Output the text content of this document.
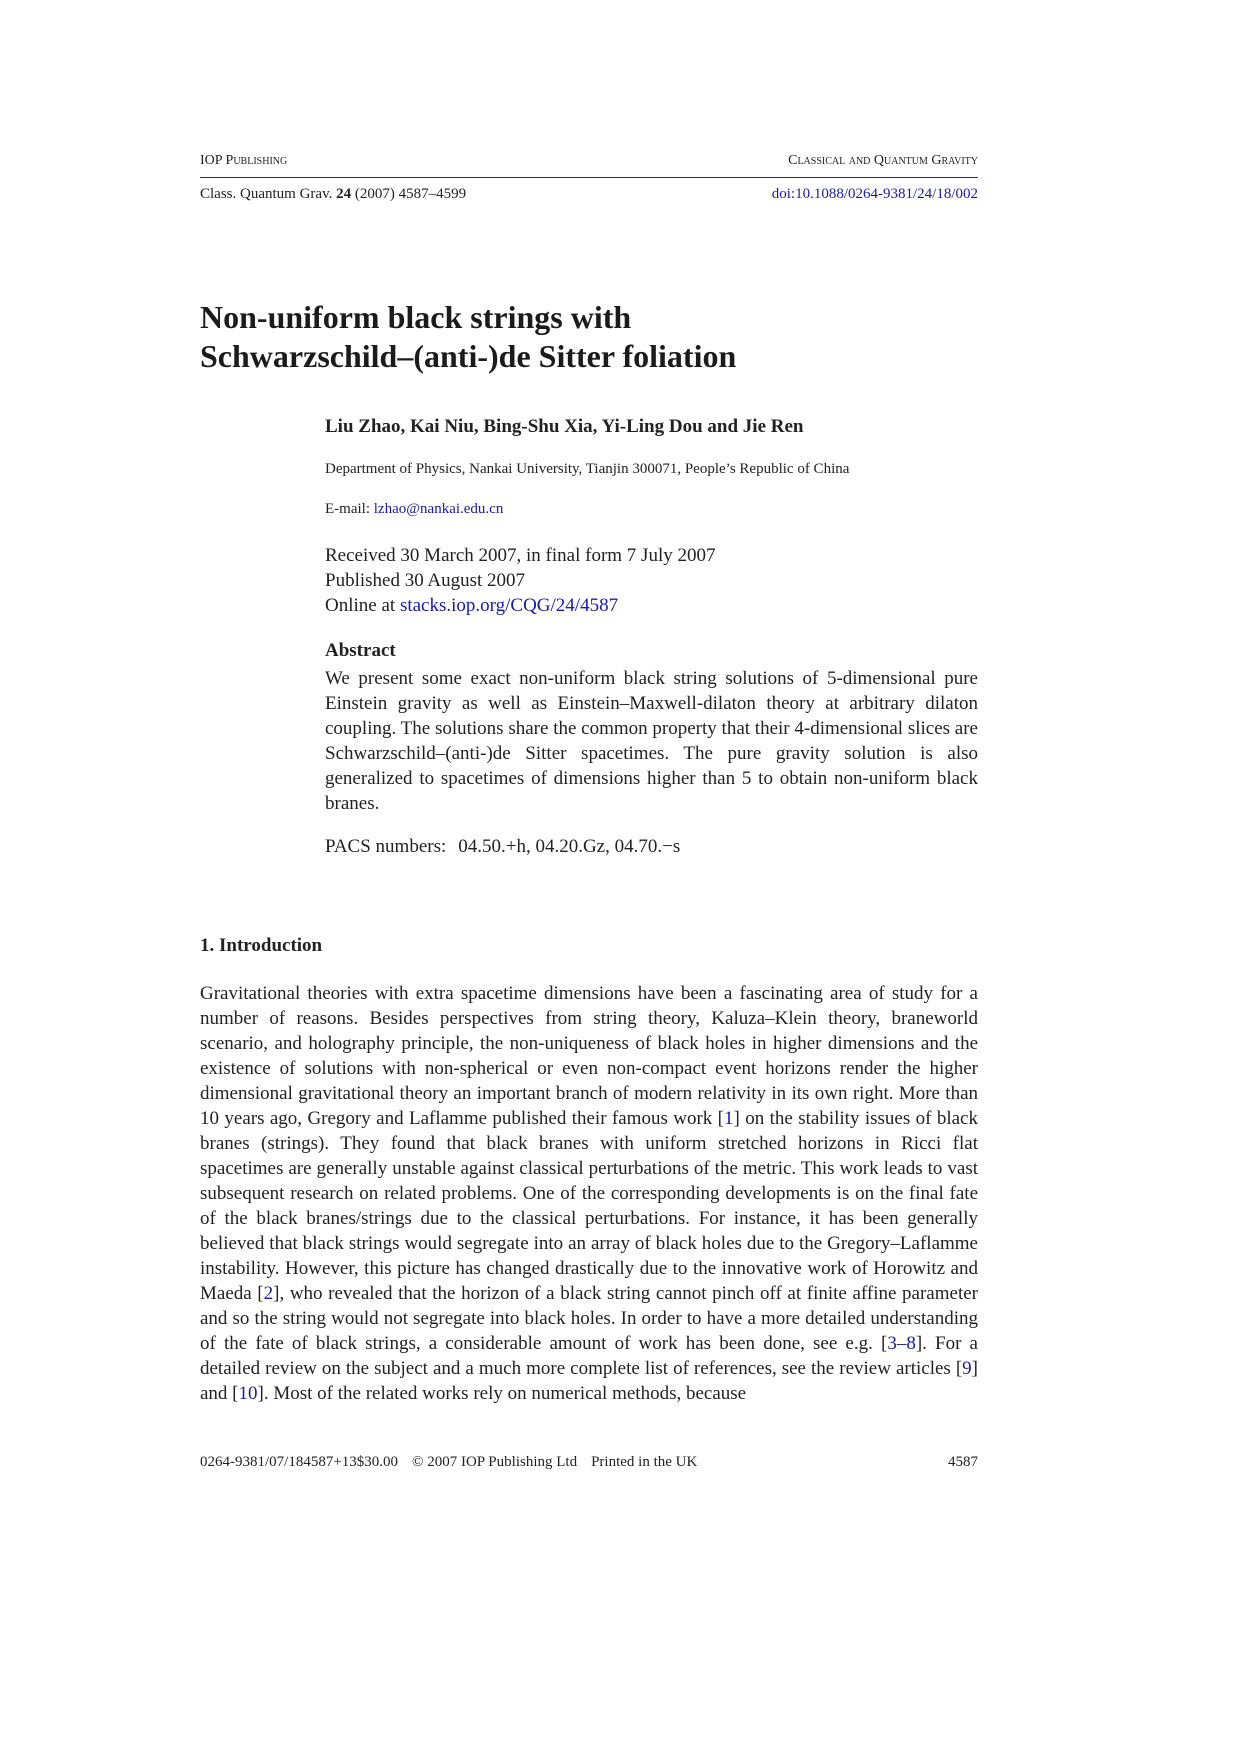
IOP Publishing	Classical and Quantum Gravity
Class. Quantum Grav. 24 (2007) 4587–4599	doi:10.1088/0264-9381/24/18/002
Non-uniform black strings with
Schwarzschild–(anti-)de Sitter foliation
Liu Zhao, Kai Niu, Bing-Shu Xia, Yi-Ling Dou and Jie Ren
Department of Physics, Nankai University, Tianjin 300071, People’s Republic of China
E-mail: lzhao@nankai.edu.cn
Received 30 March 2007, in final form 7 July 2007
Published 30 August 2007
Online at stacks.iop.org/CQG/24/4587
Abstract
We present some exact non-uniform black string solutions of 5-dimensional pure Einstein gravity as well as Einstein–Maxwell-dilaton theory at arbitrary dilaton coupling. The solutions share the common property that their 4-dimensional slices are Schwarzschild–(anti-)de Sitter spacetimes. The pure gravity solution is also generalized to spacetimes of dimensions higher than 5 to obtain non-uniform black branes.
PACS numbers: 04.50.+h, 04.20.Gz, 04.70.−s
1. Introduction

Gravitational theories with extra spacetime dimensions have been a fascinating area of study for a number of reasons. Besides perspectives from string theory, Kaluza–Klein theory, braneworld scenario, and holography principle, the non-uniqueness of black holes in higher dimensions and the existence of solutions with non-spherical or even non-compact event horizons render the higher dimensional gravitational theory an important branch of modern relativity in its own right. More than 10 years ago, Gregory and Laflamme published their famous work [1] on the stability issues of black branes (strings). They found that black branes with uniform stretched horizons in Ricci flat spacetimes are generally unstable against classical perturbations of the metric. This work leads to vast subsequent research on related problems. One of the corresponding developments is on the final fate of the black branes/strings due to the classical perturbations. For instance, it has been generally believed that black strings would segregate into an array of black holes due to the Gregory–Laflamme instability. However, this picture has changed drastically due to the innovative work of Horowitz and Maeda [2], who revealed that the horizon of a black string cannot pinch off at finite affine parameter and so the string would not segregate into black holes. In order to have a more detailed understanding of the fate of black strings, a considerable amount of work has been done, see e.g. [3–8]. For a detailed review on the subject and a much more complete list of references, see the review articles [9] and [10]. Most of the related works rely on numerical methods, because

0264-9381/07/184587+13$30.00 © 2007 IOP Publishing Ltd Printed in the UK	4587
